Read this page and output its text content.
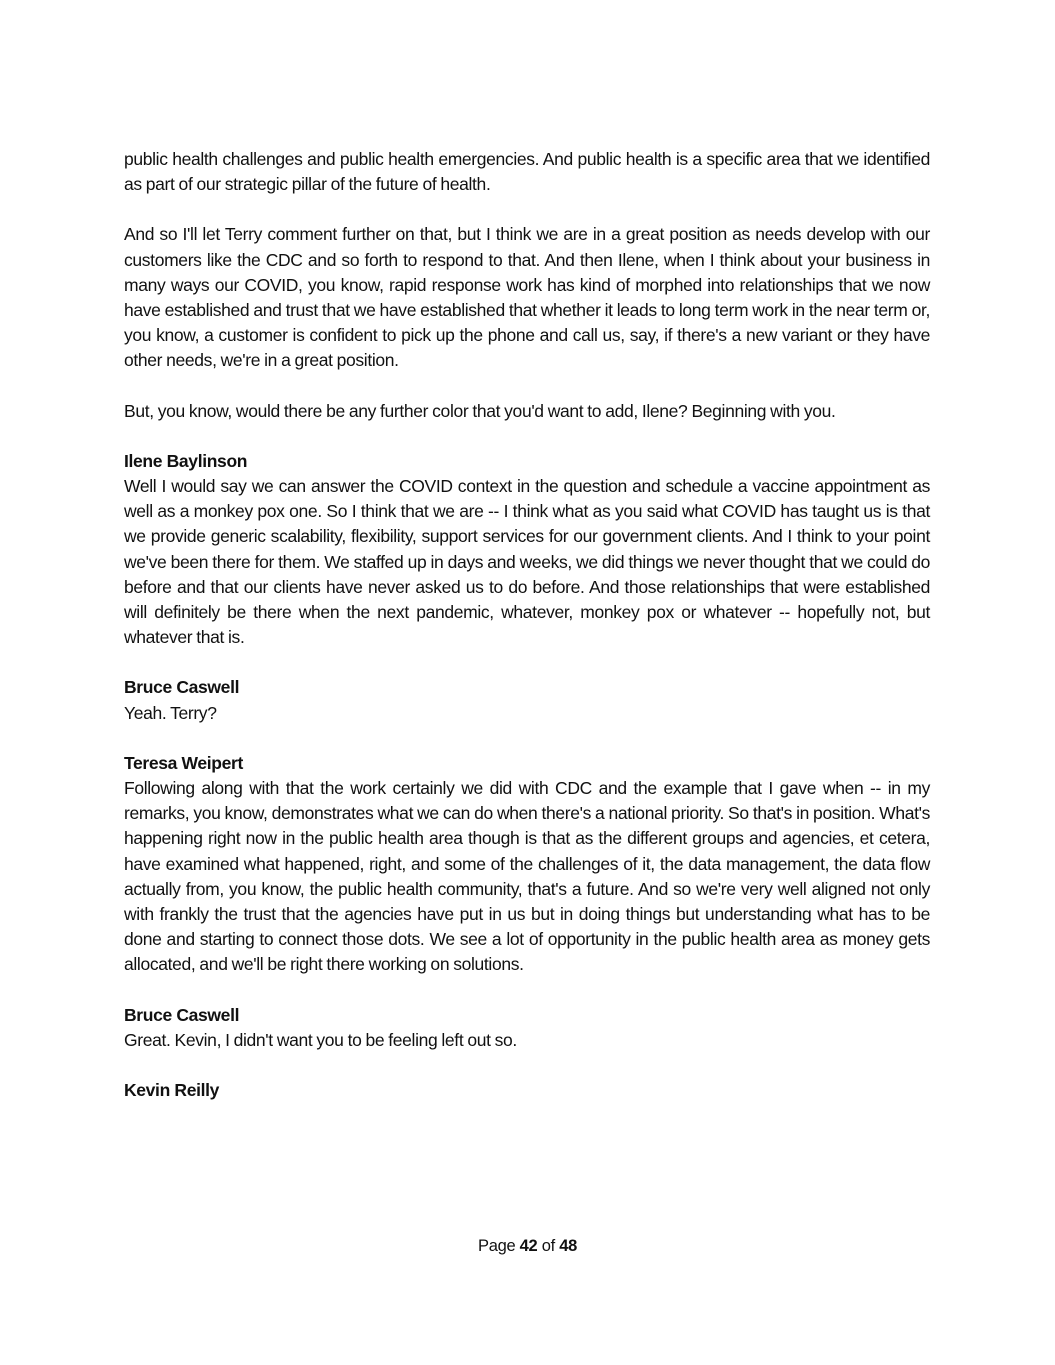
public health challenges and public health emergencies. And public health is a specific area that we identified as part of our strategic pillar of the future of health.

And so I'll let Terry comment further on that, but I think we are in a great position as needs develop with our customers like the CDC and so forth to respond to that. And then Ilene, when I think about your business in many ways our COVID, you know, rapid response work has kind of morphed into relationships that we now have established and trust that we have established that whether it leads to long term work in the near term or, you know, a customer is confident to pick up the phone and call us, say, if there's a new variant or they have other needs, we're in a great position.

But, you know, would there be any further color that you'd want to add, Ilene? Beginning with you.

Ilene Baylinson

Well I would say we can answer the COVID context in the question and schedule a vaccine appointment as well as a monkey pox one. So I think that we are -- I think what as you said what COVID has taught us is that we provide generic scalability, flexibility, support services for our government clients. And I think to your point we've been there for them. We staffed up in days and weeks, we did things we never thought that we could do before and that our clients have never asked us to do before. And those relationships that were established will definitely be there when the next pandemic, whatever, monkey pox or whatever -- hopefully not, but whatever that is.

Bruce Caswell

Yeah. Terry?

Teresa Weipert

Following along with that the work certainly we did with CDC and the example that I gave when -- in my remarks, you know, demonstrates what we can do when there's a national priority. So that's in position. What's happening right now in the public health area though is that as the different groups and agencies, et cetera, have examined what happened, right, and some of the challenges of it, the data management, the data flow actually from, you know, the public health community, that's a future. And so we're very well aligned not only with frankly the trust that the agencies have put in us but in doing things but understanding what has to be done and starting to connect those dots. We see a lot of opportunity in the public health area as money gets allocated, and we'll be right there working on solutions.

Bruce Caswell

Great. Kevin, I didn't want you to be feeling left out so.

Kevin Reilly

Page 42 of 48
